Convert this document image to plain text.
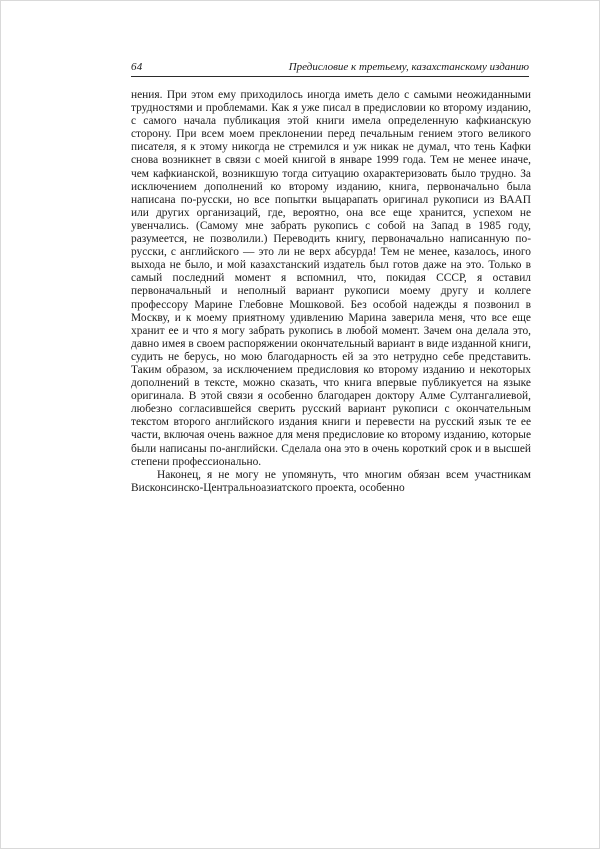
64	Предисловие к третьему, казахстанскому изданию

нения. При этом ему приходилось иногда иметь дело с самыми неожиданными трудностями и проблемами. Как я уже писал в предисловии ко второму изданию, с самого начала публикация этой книги имела определенную кафкианскую сторону. При всем моем преклонении перед печальным гением этого великого писателя, я к этому никогда не стремился и уж никак не думал, что тень Кафки снова возникнет в связи с моей книгой в январе 1999 года. Тем не менее иначе, чем кафкианской, возникшую тогда ситуацию охарактеризовать было трудно. За исключением дополнений ко второму изданию, книга, первоначально была написана по-русски, но все попытки выцарапать оригинал рукописи из ВААП или других организаций, где, вероятно, она все еще хранится, успехом не увенчались. (Самому мне забрать рукопись с собой на Запад в 1985 году, разумеется, не позволили.) Переводить книгу, первоначально написанную по-русски, с английского — это ли не верх абсурда! Тем не менее, казалось, иного выхода не было, и мой казахстанский издатель был готов даже на это. Только в самый последний момент я вспомнил, что, покидая СССР, я оставил первоначальный и неполный вариант рукописи моему другу и коллеге профессору Марине Глебовне Мошковой. Без особой надежды я позвонил в Москву, и к моему приятному удивлению Марина заверила меня, что все еще хранит ее и что я могу забрать рукопись в любой момент. Зачем она делала это, давно имея в своем распоряжении окончательный вариант в виде изданной книги, судить не берусь, но мою благодарность ей за это нетрудно себе представить. Таким образом, за исключением предисловия ко второму изданию и некоторых дополнений в тексте, можно сказать, что книга впервые публикуется на языке оригинала. В этой связи я особенно благодарен доктору Алме Султангалиевой, любезно согласившейся сверить русский вариант рукописи с окончательным текстом второго английского издания книги и перевести на русский язык те ее части, включая очень важное для меня предисловие ко второму изданию, которые были написаны по-английски. Сделала она это в очень короткий срок и в высшей степени профессионально.

Наконец, я не могу не упомянуть, что многим обязан всем участникам Висконсинско-Центральноазиатского проекта, особенно
